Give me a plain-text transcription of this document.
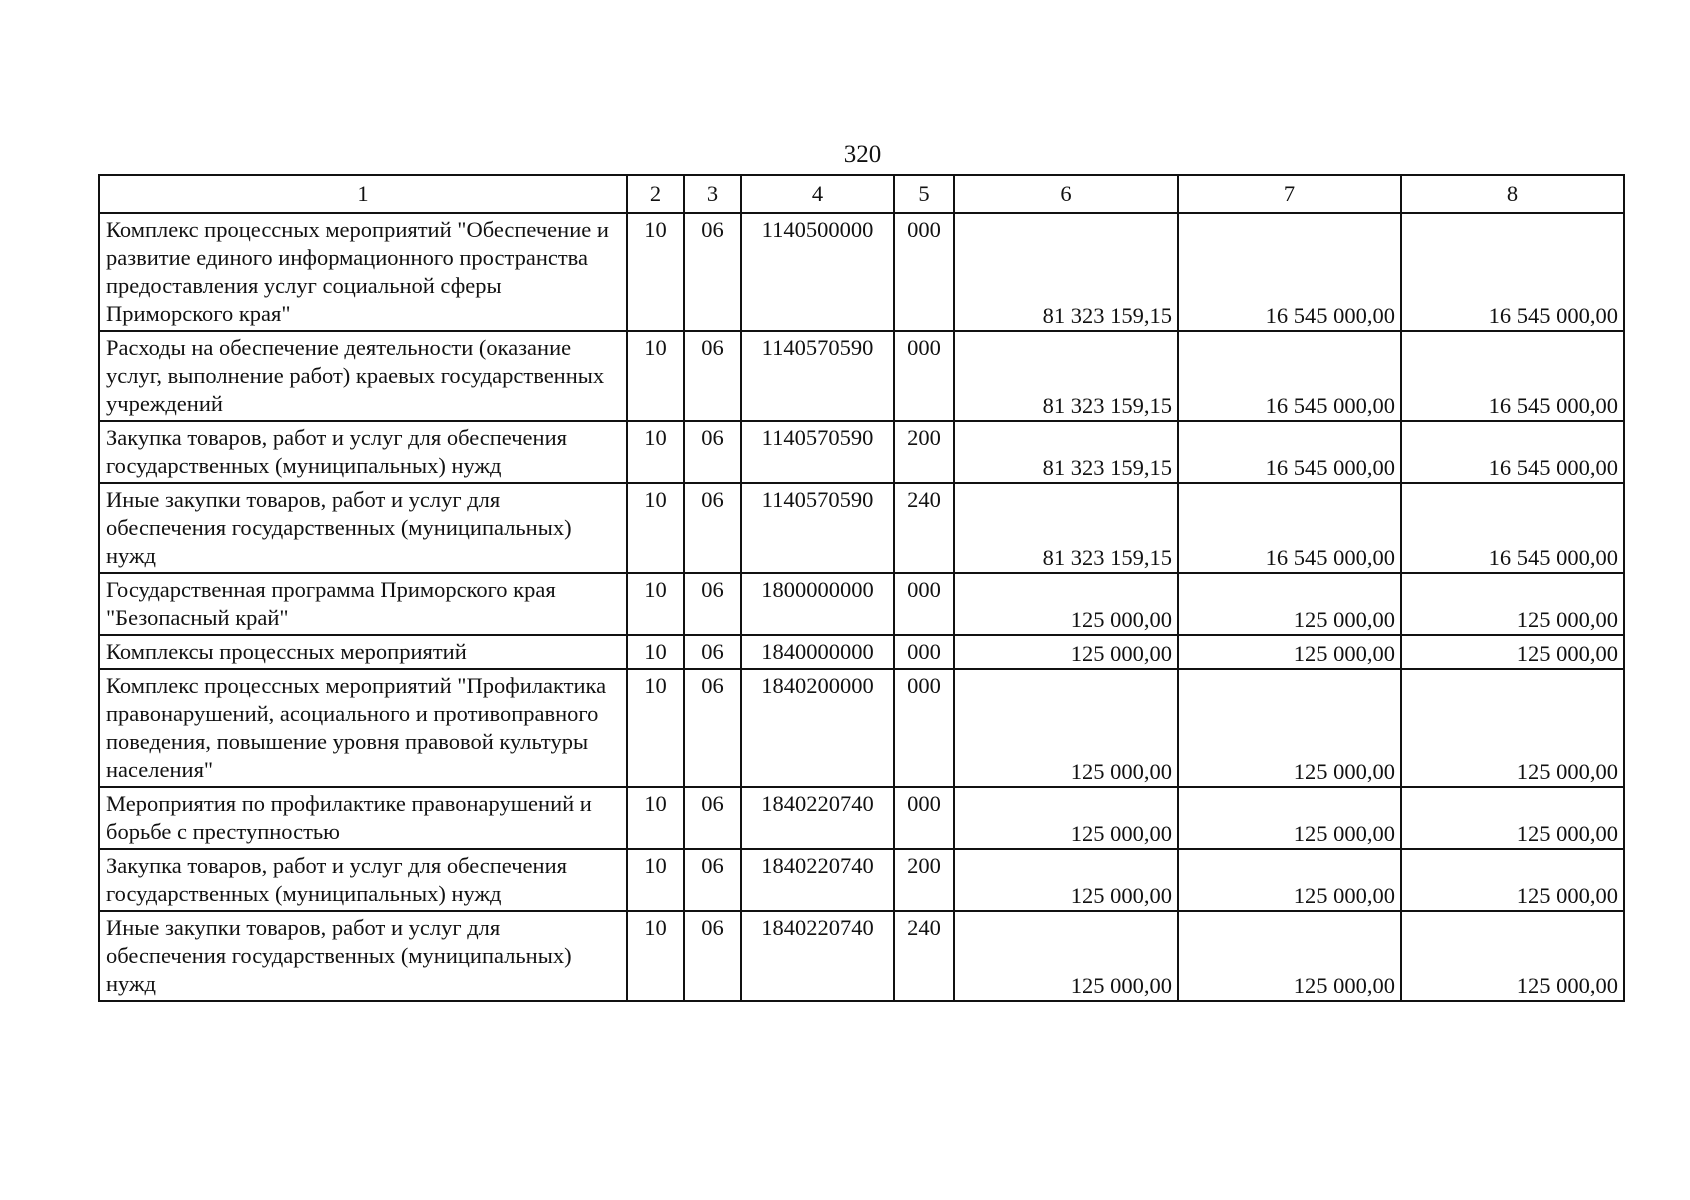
320
1	2	3	4	5	6	7	8
Комплекс процессных мероприятий "Обеспечение и развитие единого информационного пространства предоставления услуг социальной сферы Приморского края"	10	06	1140500000	000	81 323 159,15	16 545 000,00	16 545 000,00
Расходы на обеспечение деятельности (оказание услуг, выполнение работ) краевых государственных учреждений	10	06	1140570590	000	81 323 159,15	16 545 000,00	16 545 000,00
Закупка товаров, работ и услуг для обеспечения государственных (муниципальных) нужд	10	06	1140570590	200	81 323 159,15	16 545 000,00	16 545 000,00
Иные закупки товаров, работ и услуг для обеспечения государственных (муниципальных) нужд	10	06	1140570590	240	81 323 159,15	16 545 000,00	16 545 000,00
Государственная программа Приморского края "Безопасный край"	10	06	1800000000	000	125 000,00	125 000,00	125 000,00
Комплексы процессных мероприятий	10	06	1840000000	000	125 000,00	125 000,00	125 000,00
Комплекс процессных мероприятий "Профилактика правонарушений, асоциального и противоправного поведения, повышение уровня правовой культуры населения"	10	06	1840200000	000	125 000,00	125 000,00	125 000,00
Мероприятия по профилактике правонарушений и борьбе с преступностью	10	06	1840220740	000	125 000,00	125 000,00	125 000,00
Закупка товаров, работ и услуг для обеспечения государственных (муниципальных) нужд	10	06	1840220740	200	125 000,00	125 000,00	125 000,00
Иные закупки товаров, работ и услуг для обеспечения государственных (муниципальных) нужд	10	06	1840220740	240	125 000,00	125 000,00	125 000,00
